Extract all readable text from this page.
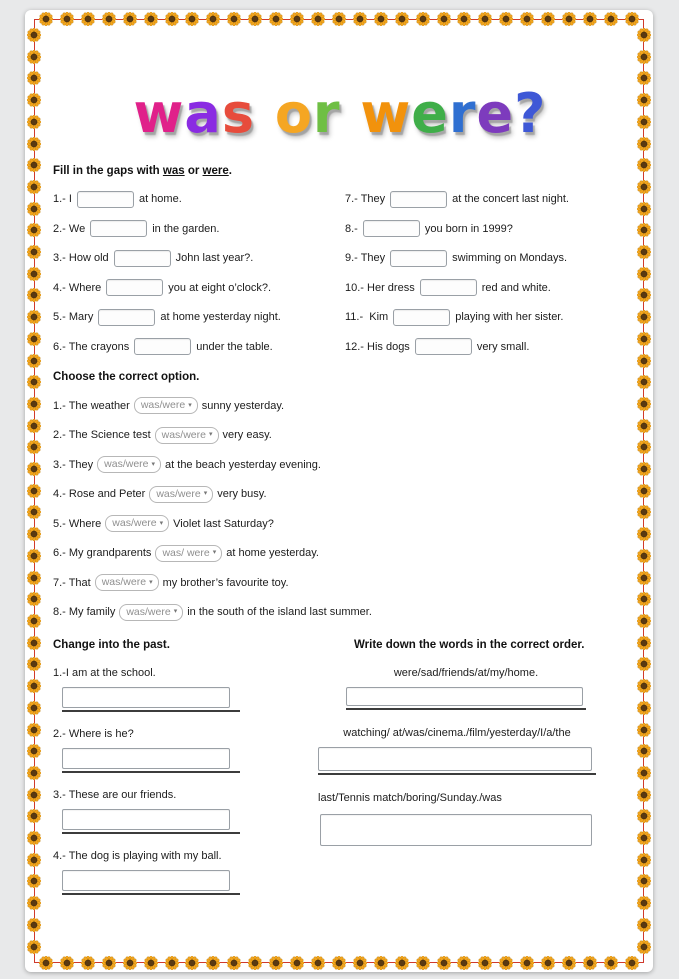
was or were?
Fill in the gaps with was or were.
1.- I	at home.	7.- They	at the concert last night.
2.- We	in the garden.	8.-	you born in 1999?
3.- How old	John last year?.	9.- They	swimming on Mondays.
4.- Where	you at eight o’clock?.	10.- Her dress	red and white.
5.- Mary	at home yesterday night.	11.-  Kim	playing with her sister.
6.- The crayons	under the table.	12.- His dogs	very small.
Choose the correct option.
1.- The weather was/were ▾ sunny yesterday.
2.- The Science test was/were ▾ very easy.
3.- They was/were ▾ at the beach yesterday evening.
4.- Rose and Peter was/were ▾ very busy.
5.- Where was/were ▾ Violet last Saturday?
6.- My grandparents was/ were ▾ at home yesterday.
7.- That was/were ▾ my brother’s favourite toy.
8.- My family was/were ▾ in the south of the island last summer.
Change into the past.
1.-I am at the school.
2.- Where is he?
3.- These are our friends.
4.- The dog is playing with my ball.
Write down the words in the correct order.
were/sad/friends/at/my/home.
watching/ at/was/cinema./film/yesterday/I/a/the
last/Tennis match/boring/Sunday./was
